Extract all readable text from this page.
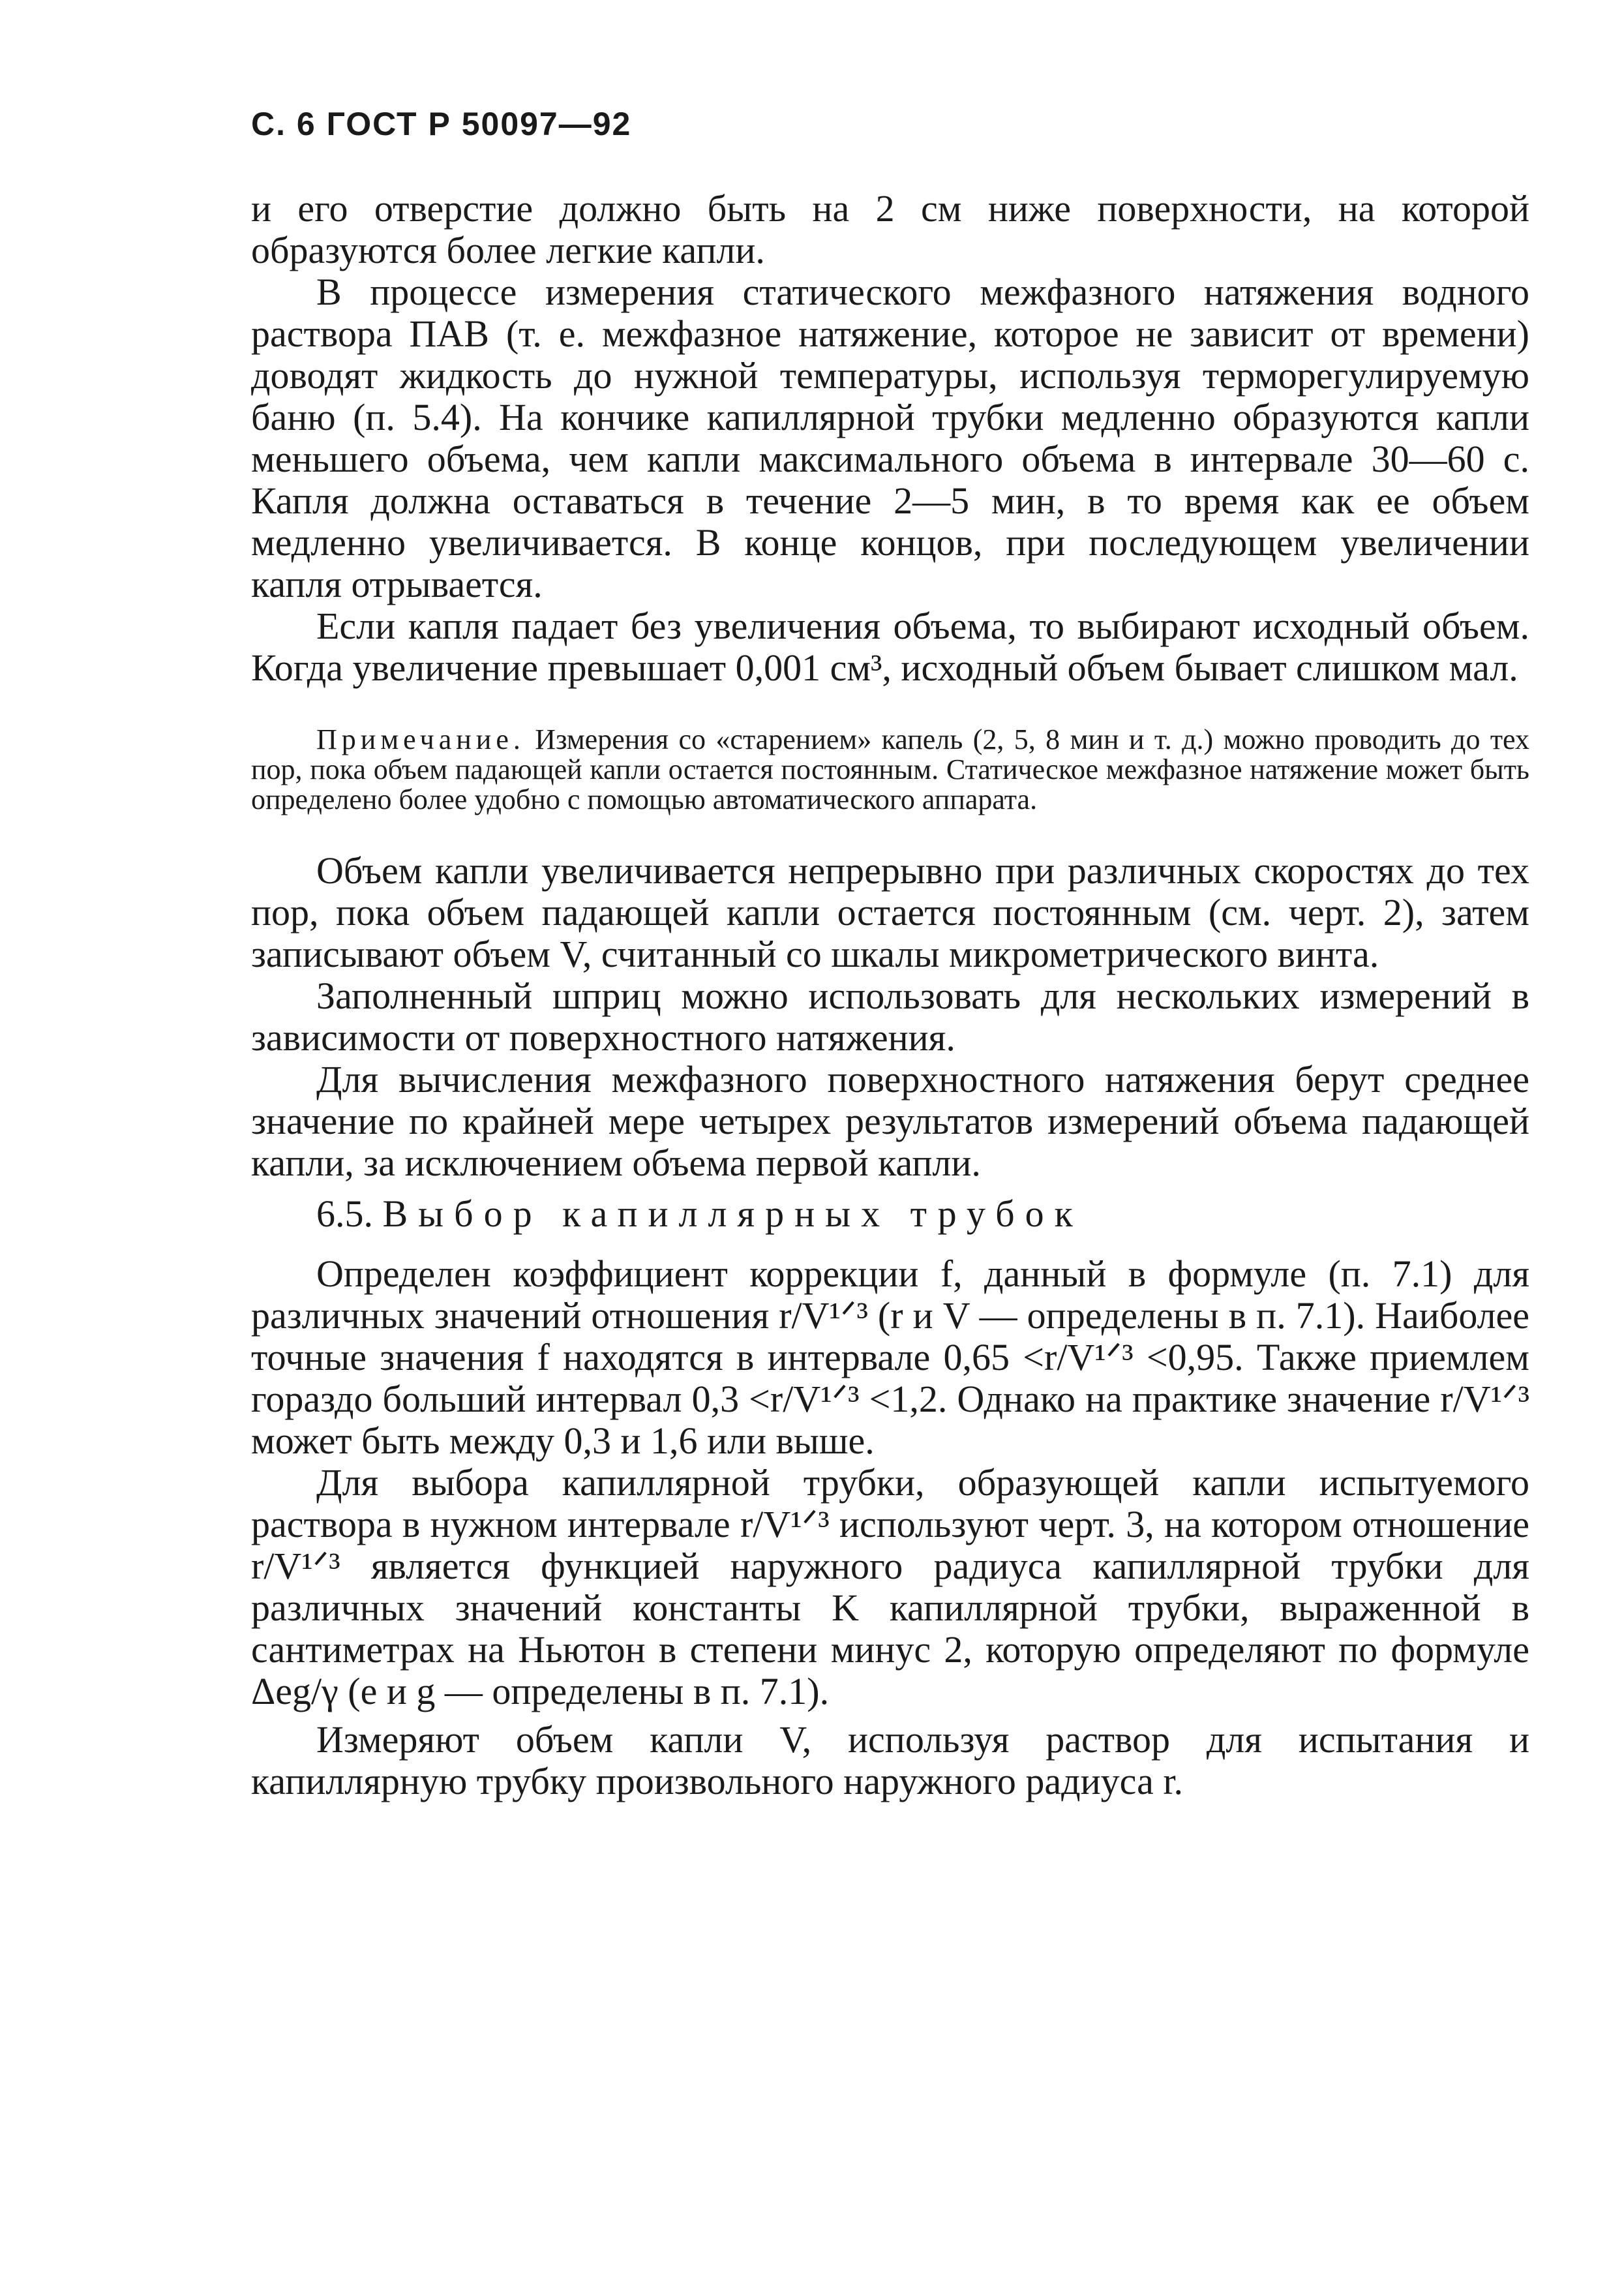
С. 6 ГОСТ Р 50097—92

и его отверстие должно быть на 2 см ниже поверхности, на которой образуются более легкие капли.

В процессе измерения статического межфазного натяжения водного раствора ПАВ (т. е. межфазное натяжение, которое не зависит от времени) доводят жидкость до нужной температуры, используя терморегулируемую баню (п. 5.4). На кончике капиллярной трубки медленно образуются капли меньшего объема, чем капли максимального объема в интервале 30—60 с. Капля должна оставаться в течение 2—5 мин, в то время как ее объем медленно увеличивается. В конце концов, при последующем увеличении капля отрывается.

Если капля падает без увеличения объема, то выбирают исходный объем. Когда увеличение превышает 0,001 см³, исходный объем бывает слишком мал.

Примечание. Измерения со «старением» капель (2, 5, 8 мин и т. д.) можно проводить до тех пор, пока объем падающей капли остается постоянным. Статическое межфазное натяжение может быть определено более удобно с помощью автоматического аппарата.

Объем капли увеличивается непрерывно при различных скоростях до тех пор, пока объем падающей капли остается постоянным (см. черт. 2), затем записывают объем V, считанный со шкалы микрометрического винта.

Заполненный шприц можно использовать для нескольких измерений в зависимости от поверхностного натяжения.

Для вычисления межфазного поверхностного натяжения берут среднее значение по крайней мере четырех результатов измерений объема падающей капли, за исключением объема первой капли.

6.5. Выбор капиллярных трубок

Определен коэффициент коррекции f, данный в формуле (п. 7.1) для различных значений отношения r/V¹ᐟ³ (r и V — определены в п. 7.1). Наиболее точные значения f находятся в интервале 0,65 <r/V¹ᐟ³ <0,95. Также приемлем гораздо больший интервал 0,3 <r/V¹ᐟ³ <1,2. Однако на практике значение r/V¹ᐟ³ может быть между 0,3 и 1,6 или выше.

Для выбора капиллярной трубки, образующей капли испытуемого раствора в нужном интервале r/V¹ᐟ³ используют черт. 3, на котором отношение r/V¹ᐟ³ является функцией наружного радиуса капиллярной трубки для различных значений константы K капиллярной трубки, выраженной в сантиметрах на Ньютон в степени минус 2, которую определяют по формуле Δeg/γ (e и g — определены в п. 7.1).

Измеряют объем капли V, используя раствор для испытания и капиллярную трубку произвольного наружного радиуса r.
